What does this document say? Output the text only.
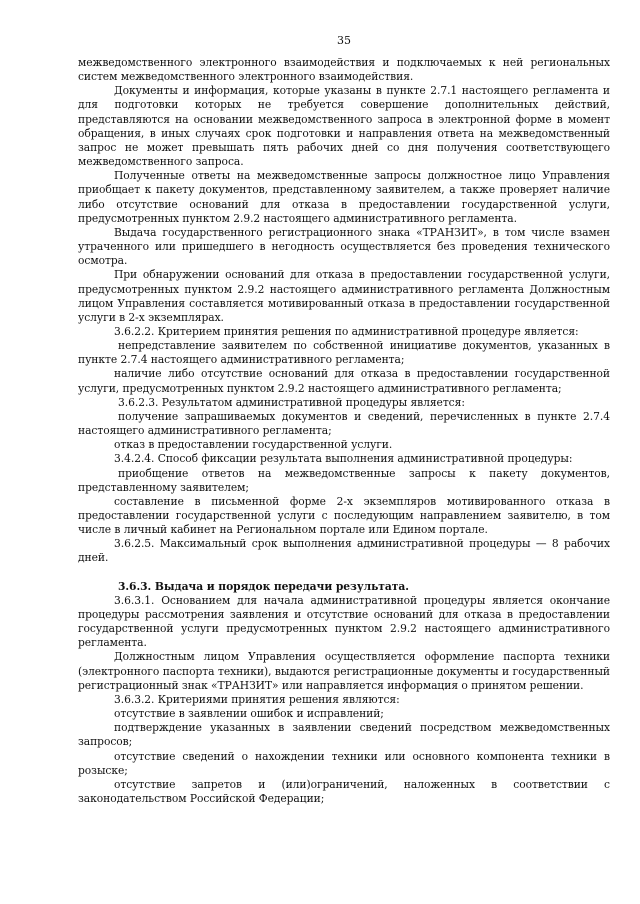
35

межведомственного электронного взаимодействия и подключаемых к ней региональных систем межведомственного электронного взаимодействия.

Документы и информация, которые указаны в пункте 2.7.1 настоящего регламента и для подготовки которых не требуется совершение дополнительных действий, представляются на основании межведомственного запроса в электронной форме в момент обращения, в иных случаях срок подготовки и направления ответа на межведомственный запрос не может превышать пять рабочих дней со дня получения соответствующего межведомственного запроса.

Полученные ответы на межведомственные запросы должностное лицо Управления приобщает к пакету документов, представленному заявителем, а также проверяет наличие либо отсутствие оснований для отказа в предоставлении государственной услуги, предусмотренных пунктом 2.9.2 настоящего административного регламента.

Выдача государственного регистрационного знака «ТРАНЗИТ», в том числе взамен утраченного или пришедшего в негодность осуществляется без проведения технического осмотра.

При обнаружении оснований для отказа в предоставлении государственной услуги, предусмотренных пунктом 2.9.2 настоящего административного регламента Должностным лицом Управления составляется мотивированный отказа в предоставлении государственной услуги в 2-х экземплярах.

3.6.2.2. Критерием принятия решения по административной процедуре является:

непредставление заявителем по собственной инициативе документов, указанных в пункте 2.7.4 настоящего административного регламента;

наличие либо отсутствие оснований для отказа в предоставлении государственной услуги, предусмотренных пунктом 2.9.2 настоящего административного регламента;

3.6.2.3. Результатом административной процедуры является:

получение запрашиваемых документов и сведений, перечисленных в пункте 2.7.4 настоящего административного регламента;

отказ в предоставлении государственной услуги.

3.4.2.4. Способ фиксации результата выполнения административной процедуры:

приобщение ответов на межведомственные запросы к пакету документов, представленному заявителем;

составление в письменной форме 2-х экземпляров мотивированного отказа в предоставлении государственной услуги с последующим направлением заявителю, в том числе в личный кабинет на Региональном портале или Едином портале.

3.6.2.5. Максимальный срок выполнения административной процедуры — 8 рабочих дней.

3.6.3. Выдача и порядок передачи результата.

3.6.3.1. Основанием для начала административной процедуры является окончание процедуры рассмотрения заявления и отсутствие оснований для отказа в предоставлении государственной услуги предусмотренных пунктом 2.9.2 настоящего административного регламента.

Должностным лицом Управления осуществляется оформление паспорта техники (электронного паспорта техники), выдаются регистрационные документы и государственный регистрационный знак «ТРАНЗИТ» или направляется информация о принятом решении.

3.6.3.2. Критериями принятия решения являются:

отсутствие в заявлении ошибок и исправлений;

подтверждение указанных в заявлении сведений посредством межведомственных запросов;

отсутствие сведений о нахождении техники или основного компонента техники в розыске;

отсутствие запретов и (или)ограничений, наложенных в соответствии с законодательством Российской Федерации;
